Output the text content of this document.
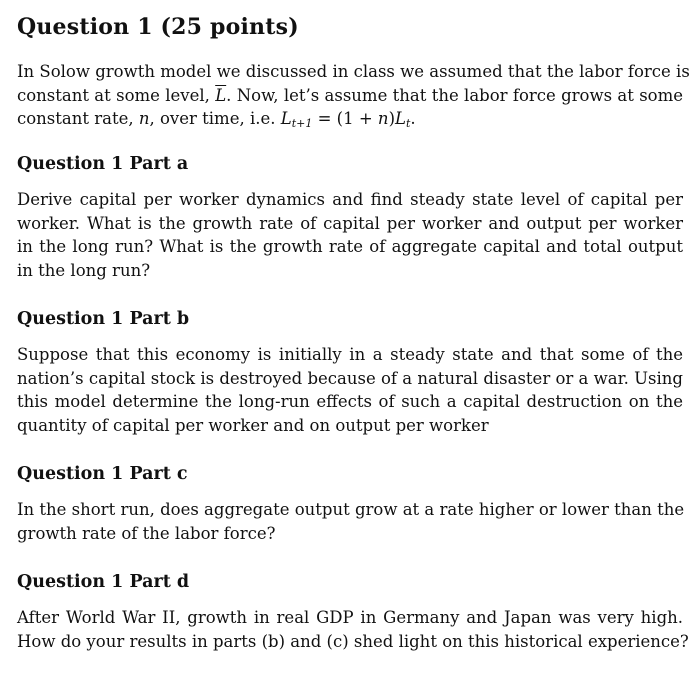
Question 1 (25 points)
In Solow growth model we discussed in class we assumed that the labor force is
constant at some level, $\overline{L}$. Now, let’s assume that the labor force grows at some
constant rate, n, over time, i.e. $L_{t+1} = (1 + n)L_t$.
Question 1 Part a
Derive capital per worker dynamics and find steady state level of capital per
worker. What is the growth rate of capital per worker and output per worker
in the long run? What is the growth rate of aggregate capital and total output
in the long run?
Question 1 Part b
Suppose that this economy is initially in a steady state and that some of the
nation’s capital stock is destroyed because of a natural disaster or a war. Using
this model determine the long-run effects of such a capital destruction on the
quantity of capital per worker and on output per worker
Question 1 Part c
In the short run, does aggregate output grow at a rate higher or lower than the
growth rate of the labor force?
Question 1 Part d
After World War II, growth in real GDP in Germany and Japan was very high.
How do your results in parts (b) and (c) shed light on this historical experience?
